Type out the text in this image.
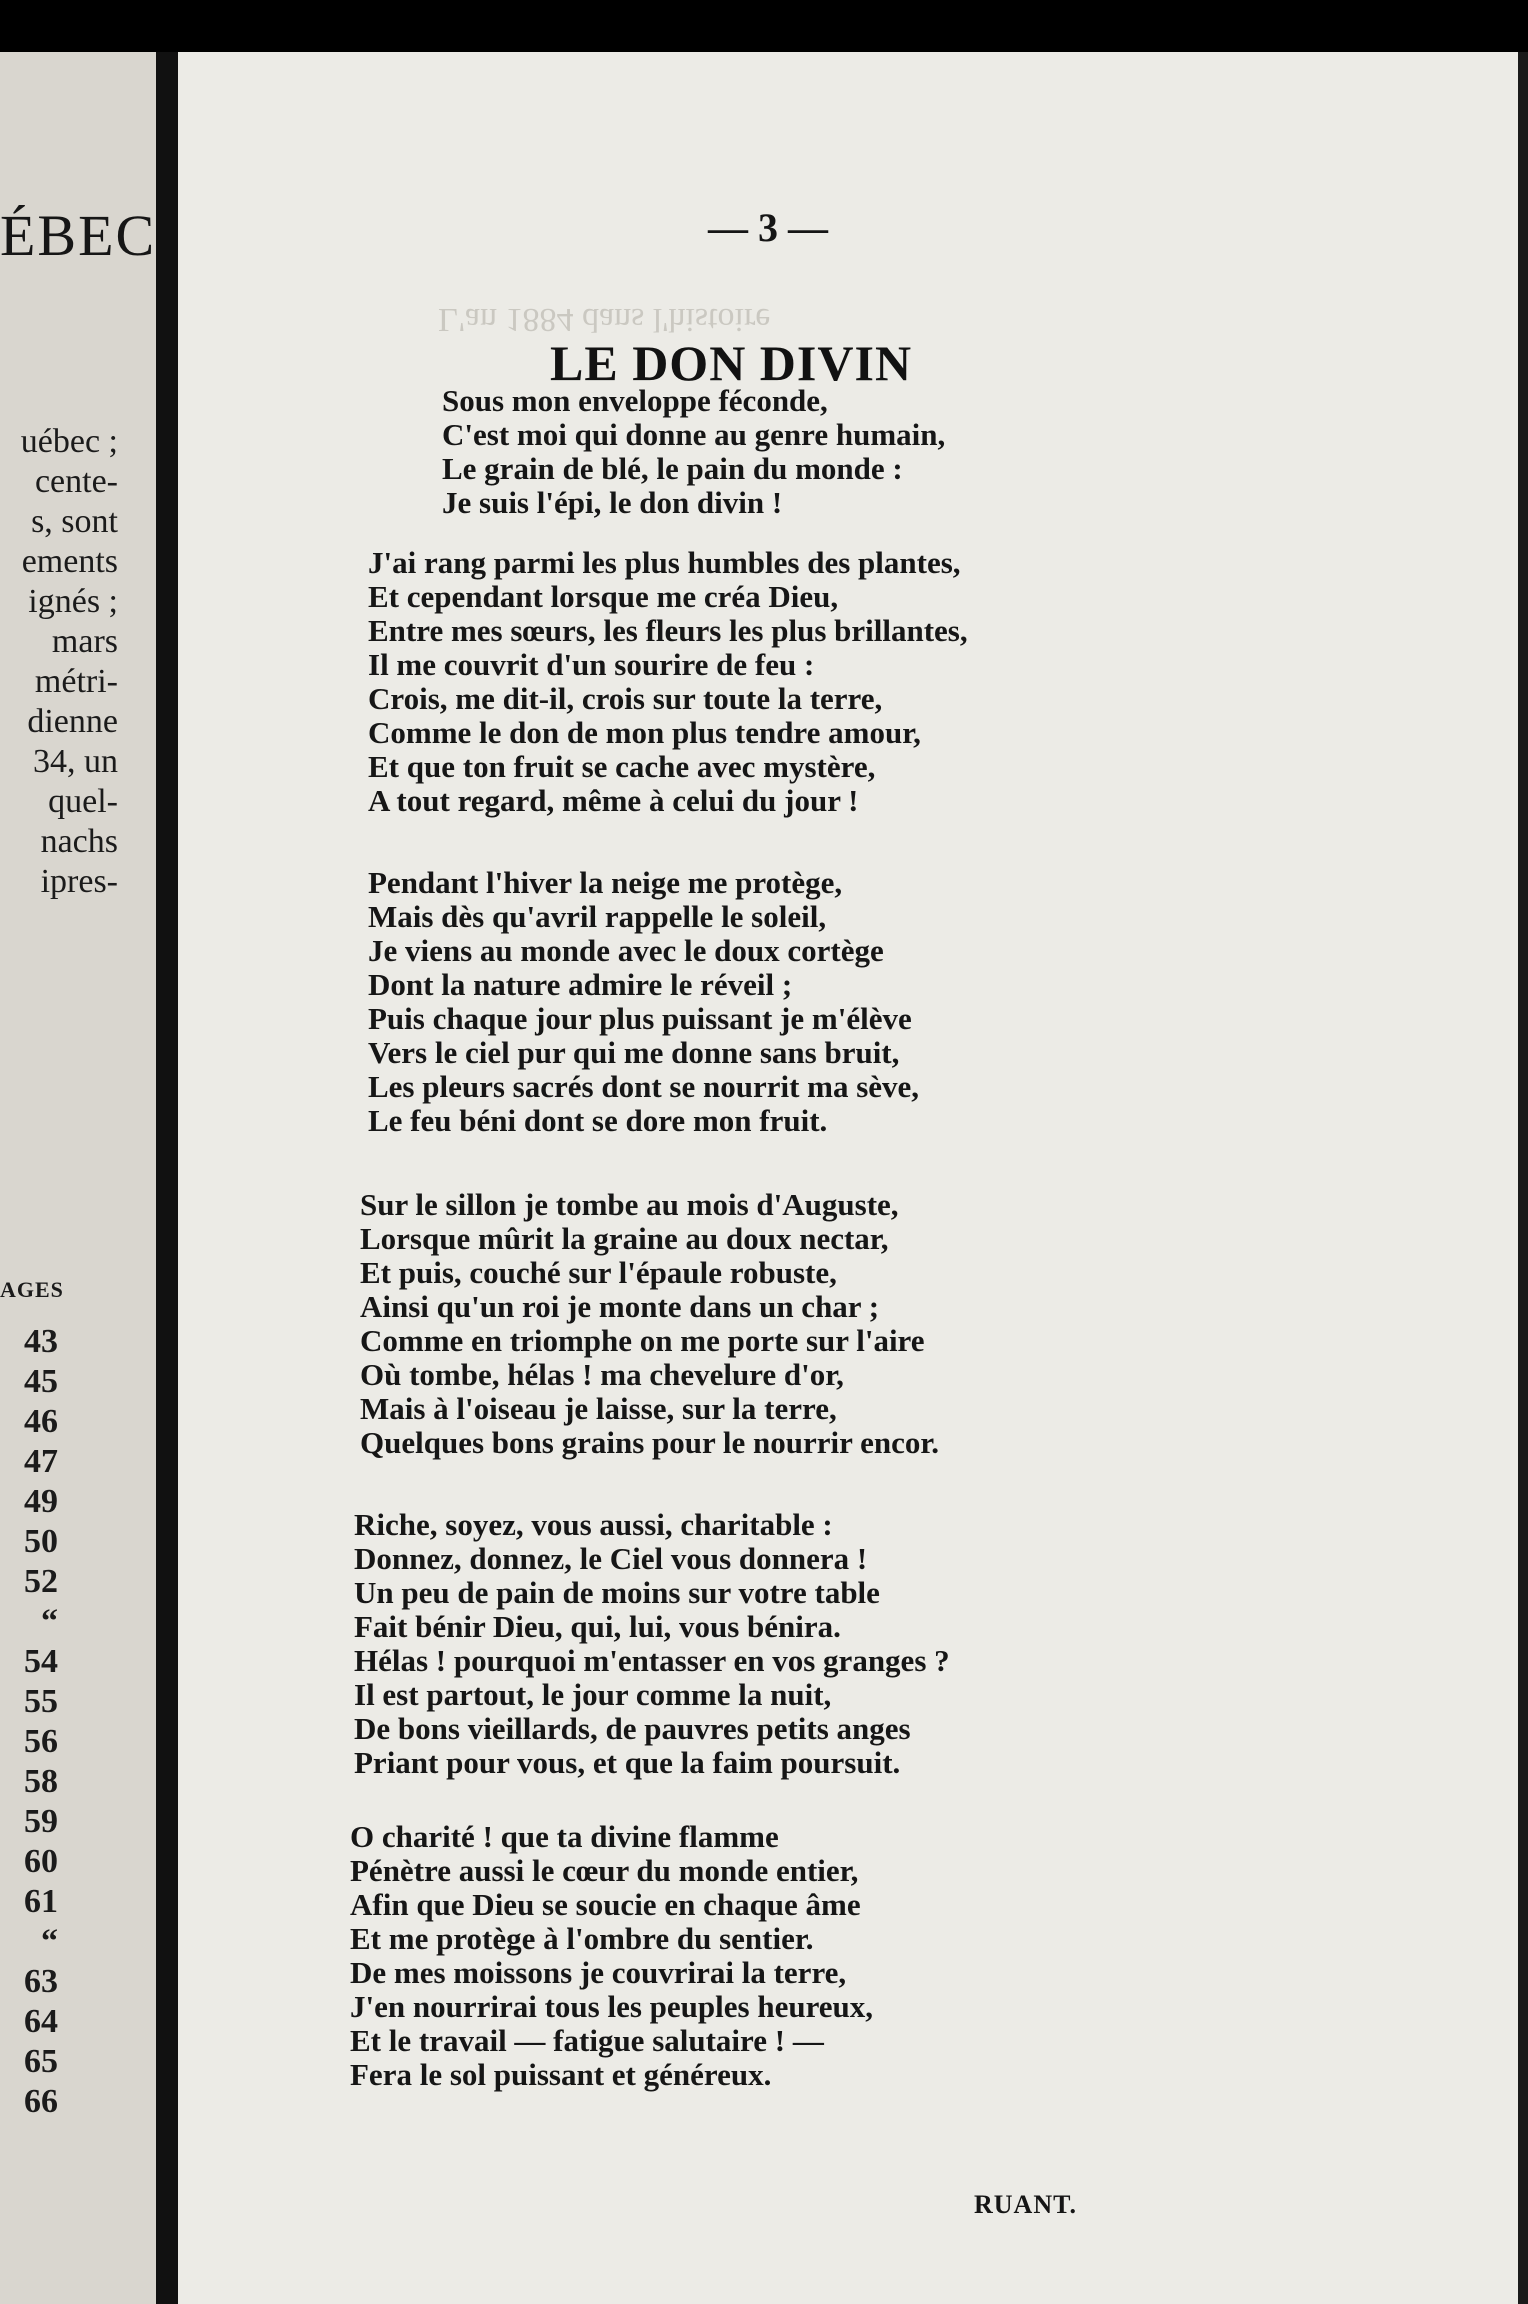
ÉBEC
uébec ;
cente-
s, sont
ements
ignés ;
mars
métri-
dienne
34, un
quel-
nachs
ipres-
AGES
43
45
46
47
49
50
52
“
54
55
56
58
59
60
61
“
63
64
65
66
L'an 1884 dans l'histoire
— 3 —
LE DON DIVIN
Sous mon enveloppe féconde,
C'est moi qui donne au genre humain,
Le grain de blé, le pain du monde :
Je suis l'épi, le don divin !
J'ai rang parmi les plus humbles des plantes,
Et cependant lorsque me créa Dieu,
Entre mes sœurs, les fleurs les plus brillantes,
Il me couvrit d'un sourire de feu :
Crois, me dit-il, crois sur toute la terre,
Comme le don de mon plus tendre amour,
Et que ton fruit se cache avec mystère,
A tout regard, même à celui du jour !
Pendant l'hiver la neige me protège,
Mais dès qu'avril rappelle le soleil,
Je viens au monde avec le doux cortège
Dont la nature admire le réveil ;
Puis chaque jour plus puissant je m'élève
Vers le ciel pur qui me donne sans bruit,
Les pleurs sacrés dont se nourrit ma sève,
Le feu béni dont se dore mon fruit.
Sur le sillon je tombe au mois d'Auguste,
Lorsque mûrit la graine au doux nectar,
Et puis, couché sur l'épaule robuste,
Ainsi qu'un roi je monte dans un char ;
Comme en triomphe on me porte sur l'aire
Où tombe, hélas ! ma chevelure d'or,
Mais à l'oiseau je laisse, sur la terre,
Quelques bons grains pour le nourrir encor.
Riche, soyez, vous aussi, charitable :
Donnez, donnez, le Ciel vous donnera !
Un peu de pain de moins sur votre table
Fait bénir Dieu, qui, lui, vous bénira.
Hélas ! pourquoi m'entasser en vos granges ?
Il est partout, le jour comme la nuit,
De bons vieillards, de pauvres petits anges
Priant pour vous, et que la faim poursuit.
O charité ! que ta divine flamme
Pénètre aussi le cœur du monde entier,
Afin que Dieu se soucie en chaque âme
Et me protège à l'ombre du sentier.
De mes moissons je couvrirai la terre,
J'en nourrirai tous les peuples heureux,
Et le travail — fatigue salutaire ! —
Fera le sol puissant et généreux.
RUANT.
